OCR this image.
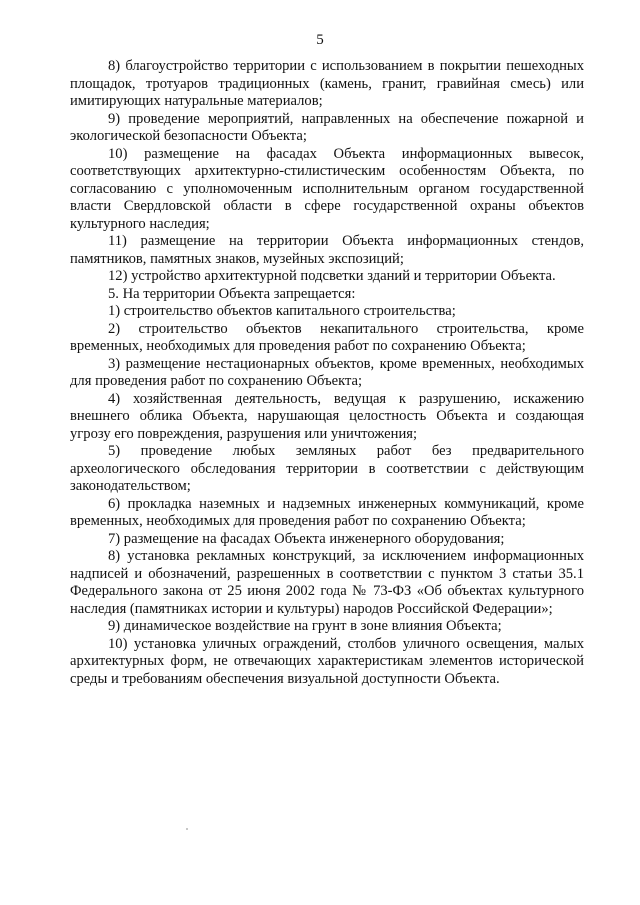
5

8) благоустройство территории с использованием в покрытии пешеходных площадок, тротуаров традиционных (камень, гранит, гравийная смесь) или имитирующих натуральные материалов;

9) проведение мероприятий, направленных на обеспечение пожарной и экологической безопасности Объекта;

10) размещение на фасадах Объекта информационных вывесок, соответствующих архитектурно-стилистическим особенностям Объекта, по согласованию с уполномоченным исполнительным органом государственной власти Свердловской области в сфере государственной охраны объектов культурного наследия;

11) размещение на территории Объекта информационных стендов, памятников, памятных знаков, музейных экспозиций;

12) устройство архитектурной подсветки зданий и территории Объекта.

5. На территории Объекта запрещается:

1) строительство объектов капитального строительства;

2) строительство объектов некапитального строительства, кроме временных, необходимых для проведения работ по сохранению Объекта;

3) размещение нестационарных объектов, кроме временных, необходимых для проведения работ по сохранению Объекта;

4) хозяйственная деятельность, ведущая к разрушению, искажению внешнего облика Объекта, нарушающая целостность Объекта и создающая угрозу его повреждения, разрушения или уничтожения;

5) проведение любых земляных работ без предварительного археологического обследования территории в соответствии с действующим законодательством;

6) прокладка наземных и надземных инженерных коммуникаций, кроме временных, необходимых для проведения работ по сохранению Объекта;

7) размещение на фасадах Объекта инженерного оборудования;

8) установка рекламных конструкций, за исключением информационных надписей и обозначений, разрешенных в соответствии с пунктом 3 статьи 35.1 Федерального закона от 25 июня 2002 года № 73-ФЗ «Об объектах культурного наследия (памятниках истории и культуры) народов Российской Федерации»;

9) динамическое воздействие на грунт в зоне влияния Объекта;

10) установка уличных ограждений, столбов уличного освещения, малых архитектурных форм, не отвечающих характеристикам элементов исторической среды и требованиям обеспечения визуальной доступности Объекта.
